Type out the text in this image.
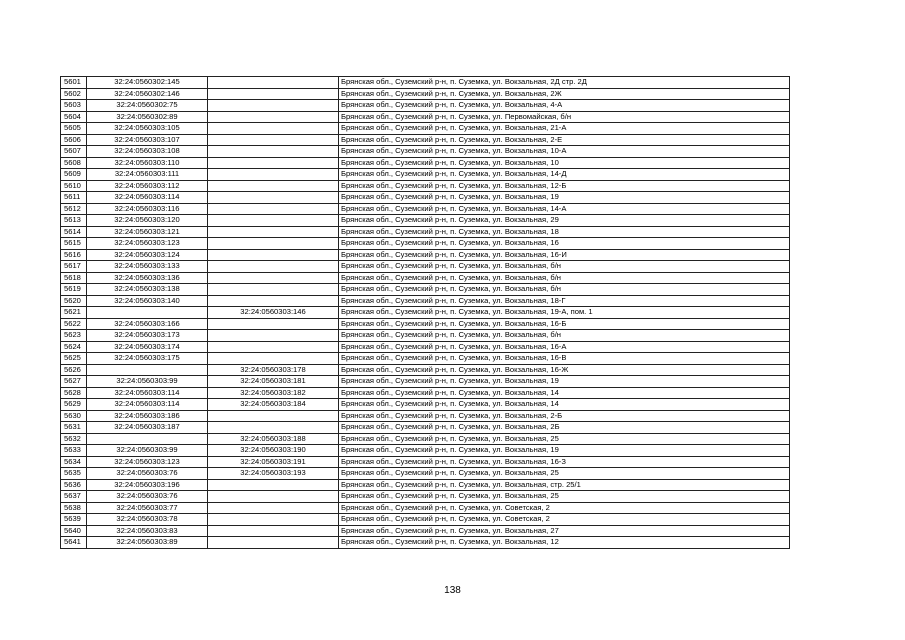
5601	32:24:0560302:145		Брянская обл., Суземский р-н, п. Суземка, ул. Вокзальная, 2Д стр. 2Д
5602	32:24:0560302:146		Брянская обл., Суземский р-н, п. Суземка, ул. Вокзальная, 2Ж
5603	32:24:0560302:75		Брянская обл., Суземский р-н, п. Суземка, ул. Вокзальная, 4-А
5604	32:24:0560302:89		Брянская обл., Суземский р-н, п. Суземка, ул. Первомайская, б/н
5605	32:24:0560303:105		Брянская обл., Суземский р-н, п. Суземка, ул. Вокзальная, 21-А
5606	32:24:0560303:107		Брянская обл., Суземский р-н, п. Суземка, ул. Вокзальная, 2-Е
5607	32:24:0560303:108		Брянская обл., Суземский р-н, п. Суземка, ул. Вокзальная, 10-А
5608	32:24:0560303:110		Брянская обл., Суземский р-н, п. Суземка, ул. Вокзальная, 10
5609	32:24:0560303:111		Брянская обл., Суземский р-н, п. Суземка, ул. Вокзальная, 14-Д
5610	32:24:0560303:112		Брянская обл., Суземский р-н, п. Суземка, ул. Вокзальная, 12-Б
5611	32:24:0560303:114		Брянская обл., Суземский р-н, п. Суземка, ул. Вокзальная, 19
5612	32:24:0560303:116		Брянская обл., Суземский р-н, п. Суземка, ул. Вокзальная, 14-А
5613	32:24:0560303:120		Брянская обл., Суземский р-н, п. Суземка, ул. Вокзальная, 29
5614	32:24:0560303:121		Брянская обл., Суземский р-н, п. Суземка, ул. Вокзальная, 18
5615	32:24:0560303:123		Брянская обл., Суземский р-н, п. Суземка, ул. Вокзальная, 16
5616	32:24:0560303:124		Брянская обл., Суземский р-н, п. Суземка, ул. Вокзальная, 16-И
5617	32:24:0560303:133		Брянская обл., Суземский р-н, п. Суземка, ул. Вокзальная, б/н
5618	32:24:0560303:136		Брянская обл., Суземский р-н, п. Суземка, ул. Вокзальная, б/н
5619	32:24:0560303:138		Брянская обл., Суземский р-н, п. Суземка, ул. Вокзальная, б/н
5620	32:24:0560303:140		Брянская обл., Суземский р-н, п. Суземка, ул. Вокзальная, 18-Г
5621		32:24:0560303:146	Брянская обл., Суземский р-н, п. Суземка, ул. Вокзальная, 19-А, пом. 1
5622	32:24:0560303:166		Брянская обл., Суземский р-н, п. Суземка, ул. Вокзальная, 16-Б
5623	32:24:0560303:173		Брянская обл., Суземский р-н, п. Суземка, ул. Вокзальная, б/н
5624	32:24:0560303:174		Брянская обл., Суземский р-н, п. Суземка, ул. Вокзальная, 16-А
5625	32:24:0560303:175		Брянская обл., Суземский р-н, п. Суземка, ул. Вокзальная, 16-В
5626		32:24:0560303:178	Брянская обл., Суземский р-н, п. Суземка, ул. Вокзальная, 16-Ж
5627	32:24:0560303:99	32:24:0560303:181	Брянская обл., Суземский р-н, п. Суземка, ул. Вокзальная, 19
5628	32:24:0560303:114	32:24:0560303:182	Брянская обл., Суземский р-н, п. Суземка, ул. Вокзальная, 14
5629	32:24:0560303:114	32:24:0560303:184	Брянская обл., Суземский р-н, п. Суземка, ул. Вокзальная, 14
5630	32:24:0560303:186		Брянская обл., Суземский р-н, п. Суземка, ул. Вокзальная, 2-Б
5631	32:24:0560303:187		Брянская обл., Суземский р-н, п. Суземка, ул. Вокзальная, 2Б
5632		32:24:0560303:188	Брянская обл., Суземский р-н, п. Суземка, ул. Вокзальная, 25
5633	32:24:0560303:99	32:24:0560303:190	Брянская обл., Суземский р-н, п. Суземка, ул. Вокзальная, 19
5634	32:24:0560303:123	32:24:0560303:191	Брянская обл., Суземский р-н, п. Суземка, ул. Вокзальная, 16-З
5635	32:24:0560303:76	32:24:0560303:193	Брянская обл., Суземский р-н, п. Суземка, ул. Вокзальная, 25
5636	32:24:0560303:196		Брянская обл., Суземский р-н, п. Суземка, ул. Вокзальная, стр. 25/1
5637	32:24:0560303:76		Брянская обл., Суземский р-н, п. Суземка, ул. Вокзальная, 25
5638	32:24:0560303:77		Брянская обл., Суземский р-н, п. Суземка, ул. Советская, 2
5639	32:24:0560303:78		Брянская обл., Суземский р-н, п. Суземка, ул. Советская, 2
5640	32:24:0560303:83		Брянская обл., Суземский р-н, п. Суземка, ул. Вокзальная, 27
5641	32:24:0560303:89		Брянская обл., Суземский р-н, п. Суземка, ул. Вокзальная, 12
138
